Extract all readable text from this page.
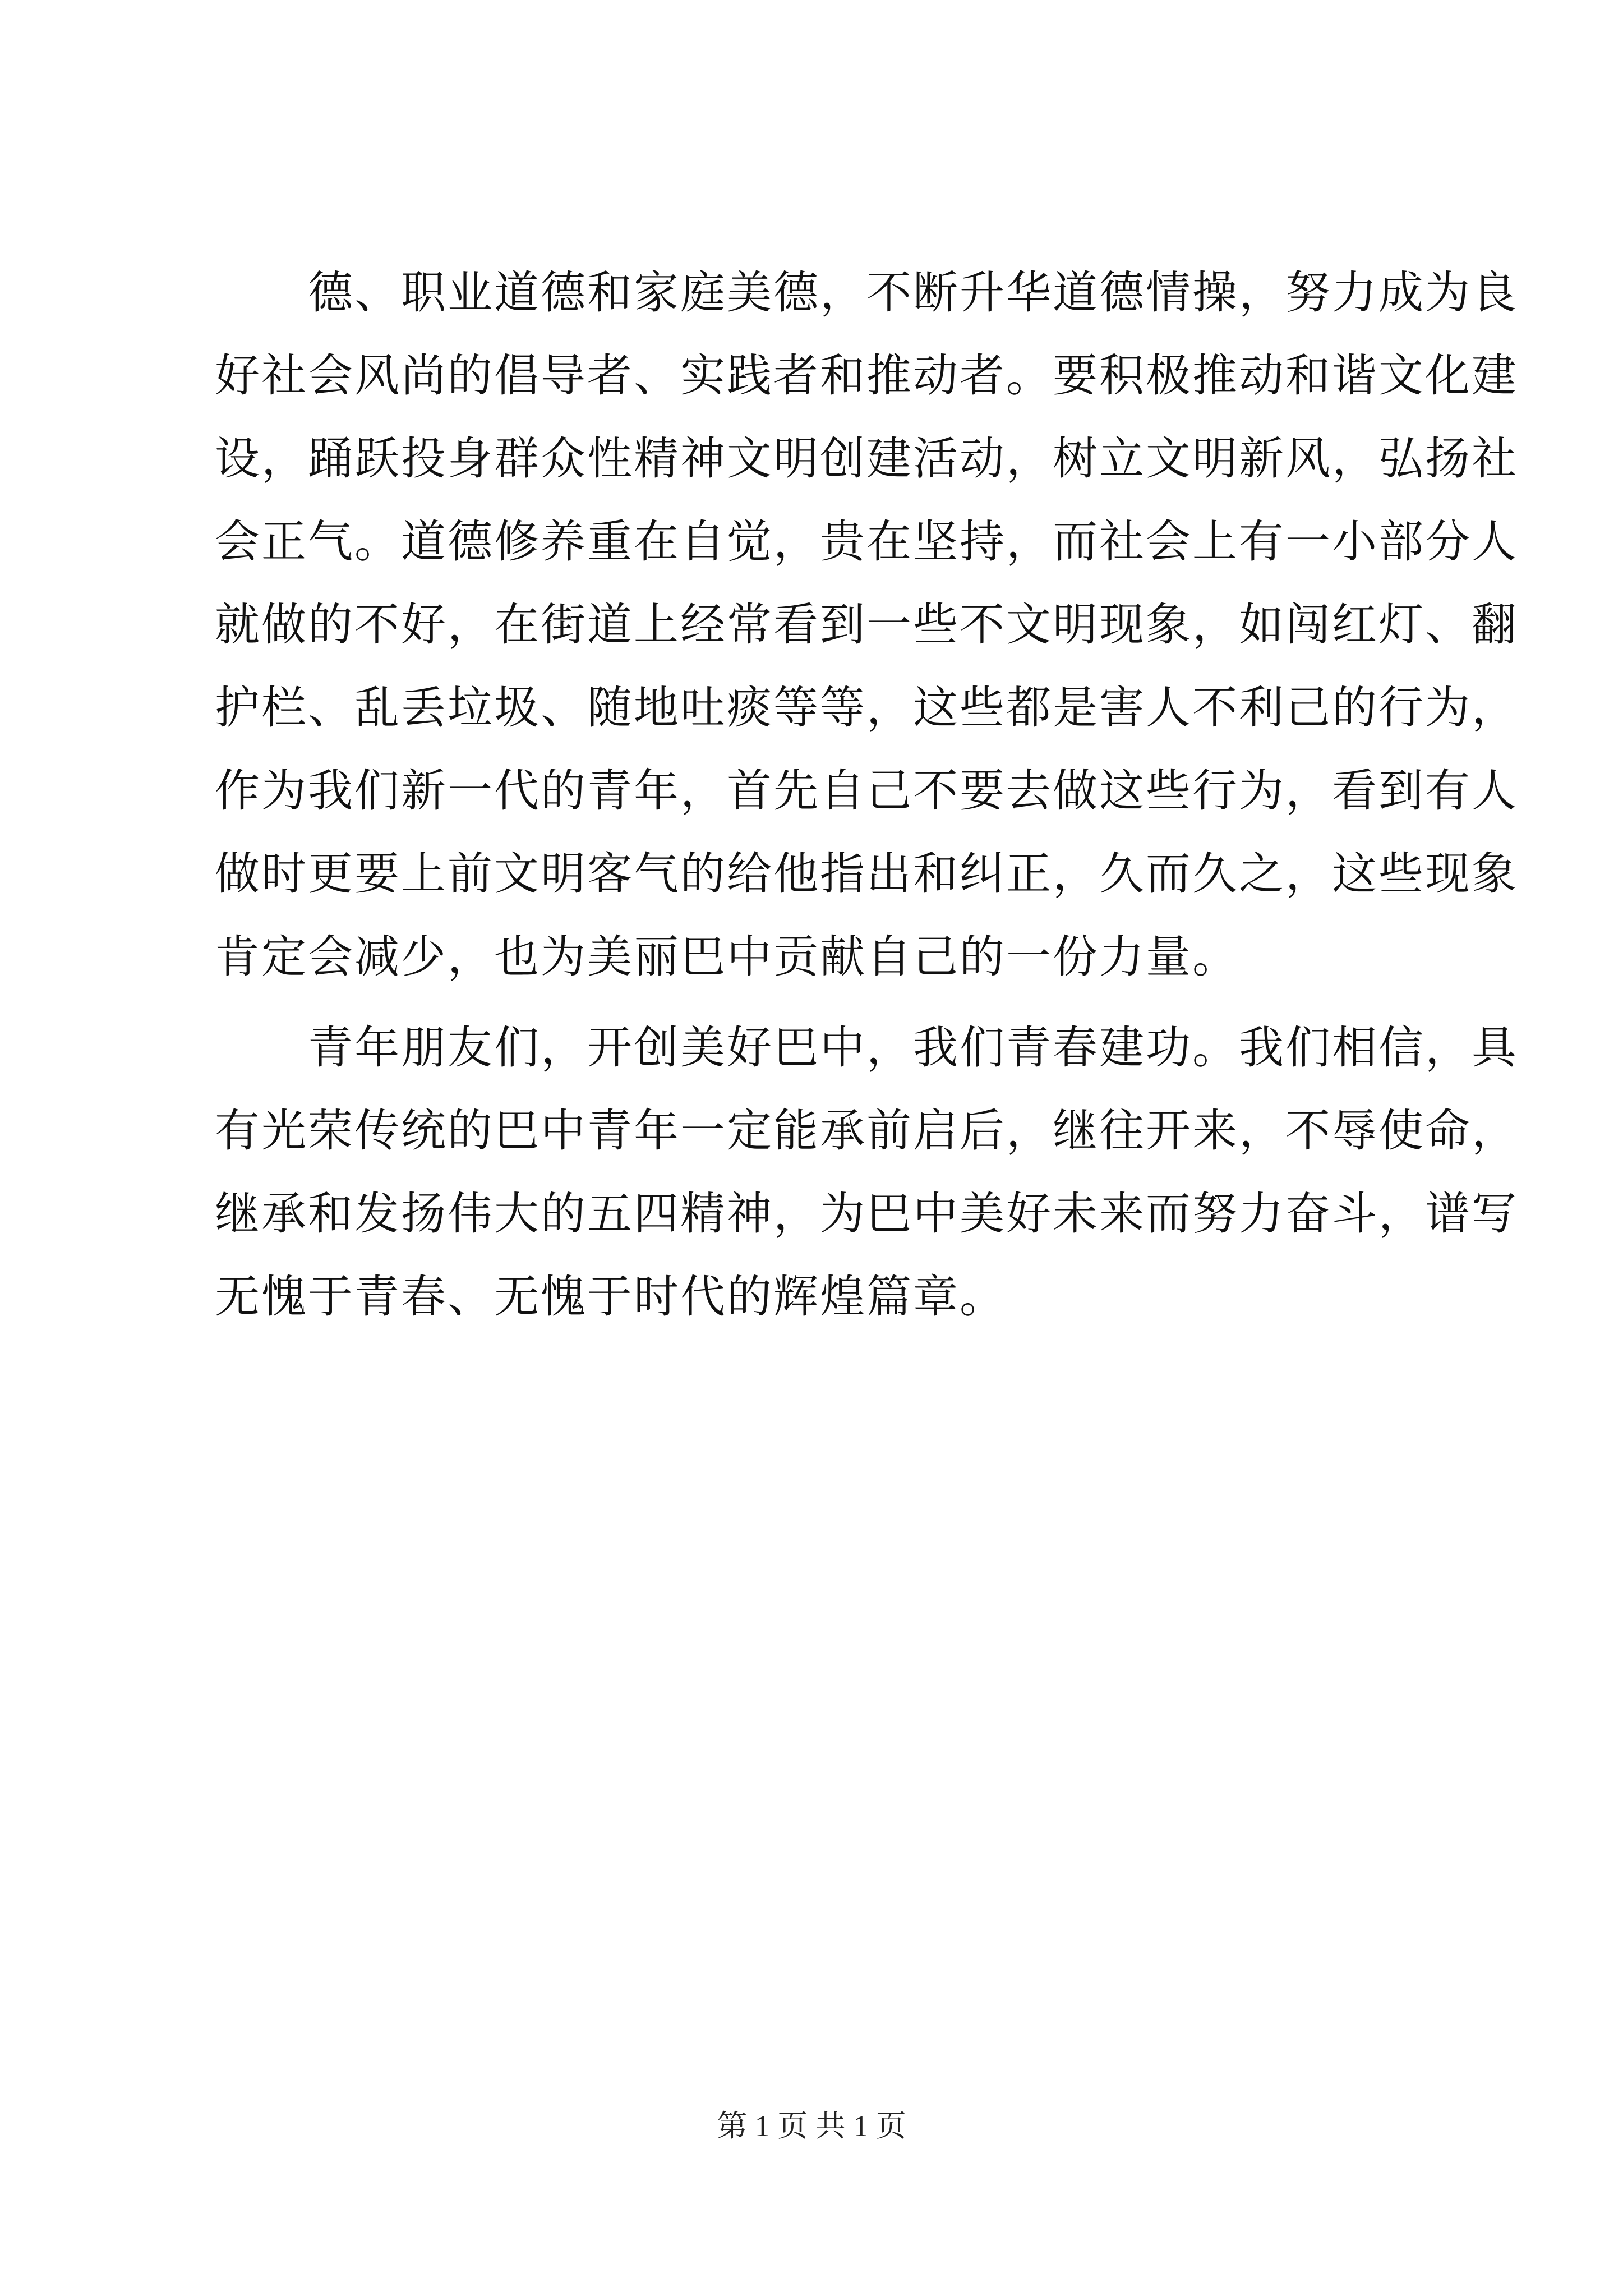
德、职业道德和家庭美德，不断升华道德情操，努力成为良
好社会风尚的倡导者、实践者和推动者。要积极推动和谐文化建
设，踊跃投身群众性精神文明创建活动，树立文明新风，弘扬社
会正气。道德修养重在自觉，贵在坚持，而社会上有一小部分人
就做的不好，在街道上经常看到一些不文明现象，如闯红灯、翻
护栏、乱丢垃圾、随地吐痰等等，这些都是害人不利己的行为，
作为我们新一代的青年，首先自己不要去做这些行为，看到有人
做时更要上前文明客气的给他指出和纠正，久而久之，这些现象
肯定会减少，也为美丽巴中贡献自己的一份力量。
青年朋友们，开创美好巴中，我们青春建功。我们相信，具
有光荣传统的巴中青年一定能承前启后，继往开来，不辱使命，
继承和发扬伟大的五四精神，为巴中美好未来而努力奋斗，谱写
无愧于青春、无愧于时代的辉煌篇章。
第 1 页 共 1 页
